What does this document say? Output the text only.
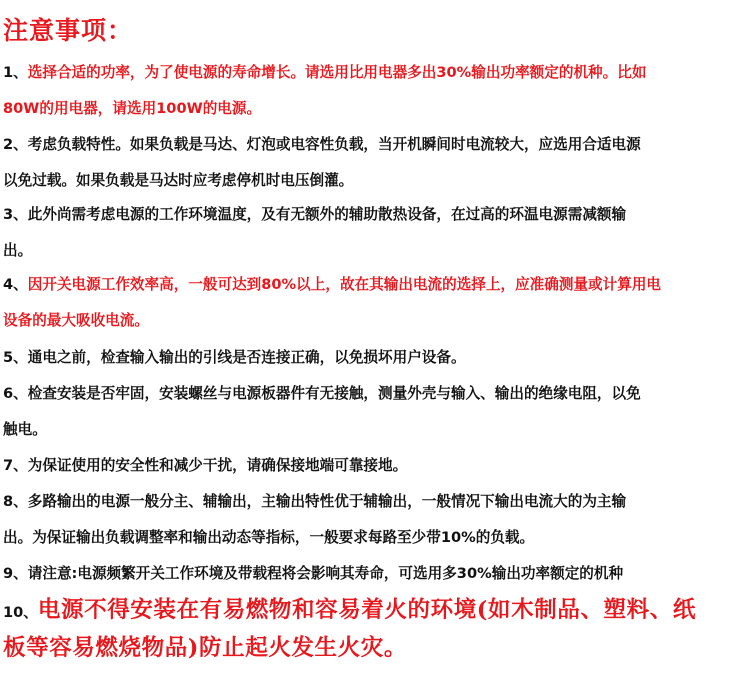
注意事项：
1、选择合适的功率，为了使电源的寿命增长。请选用比用电器多出30%输出功率额定的机种。比如
80W的用电器，请选用100W的电源。
2、考虑负载特性。如果负载是马达、灯泡或电容性负载，当开机瞬间时电流较大，应选用合适电源
以免过载。如果负载是马达时应考虑停机时电压倒灌。
3、此外尚需考虑电源的工作环境温度，及有无额外的辅助散热设备，在过高的环温电源需减额输
出。
4、因开关电源工作效率高，一般可达到80%以上，故在其输出电流的选择上，应准确测量或计算用电
设备的最大吸收电流。
5、通电之前，检查输入输出的引线是否连接正确，以免损坏用户设备。
6、检查安装是否牢固，安装螺丝与电源板器件有无接触，测量外壳与输入、输出的绝缘电阻，以免
触电。
7、为保证使用的安全性和减少干扰，请确保接地端可靠接地。
8、多路输出的电源一般分主、辅输出，主输出特性优于辅输出，一般情况下输出电流大的为主输
出。为保证输出负载调整率和输出动态等指标，一般要求每路至少带10%的负载。
9、请注意:电源频繁开关工作环境及带载程将会影响其寿命，可选用多30%输出功率额定的机种
10、电源不得安装在有易燃物和容易着火的环境(如木制品、塑料、纸
板等容易燃烧物品)防止起火发生火灾。
